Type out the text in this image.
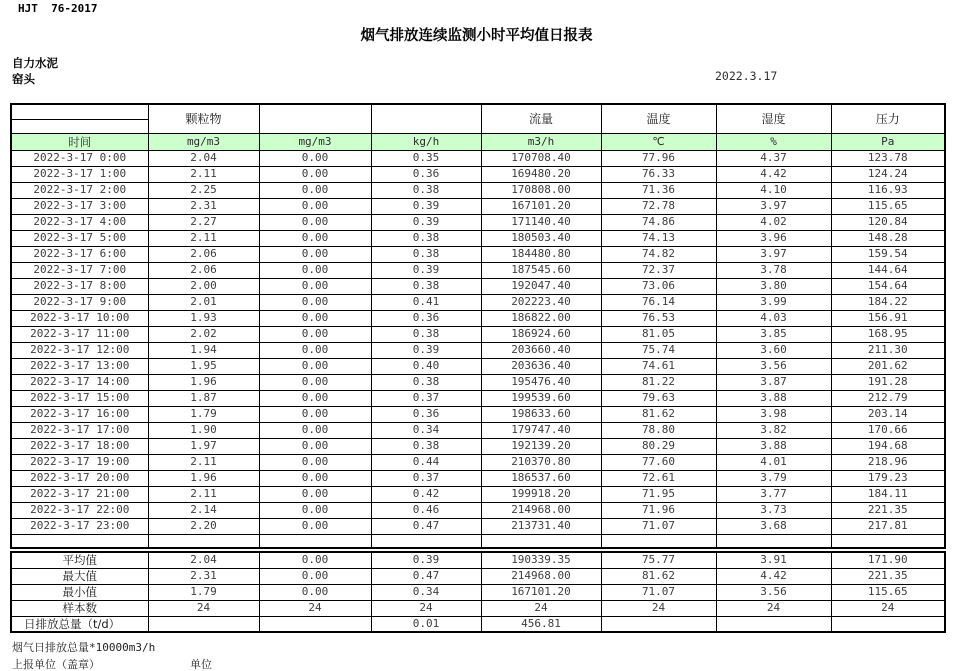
HJT  76-2017
烟气排放连续监测小时平均值日报表
自力水泥
窑头	2022.3.17
	颗粒物			流量	温度	湿度	压力

时间	mg/m3	mg/m3	kg/h	m3/h	℃	%	Pa
2022-3-17 0:00	2.04	0.00	0.35	170708.40	77.96	4.37	123.78
2022-3-17 1:00	2.11	0.00	0.36	169480.20	76.33	4.42	124.24
2022-3-17 2:00	2.25	0.00	0.38	170808.00	71.36	4.10	116.93
2022-3-17 3:00	2.31	0.00	0.39	167101.20	72.78	3.97	115.65
2022-3-17 4:00	2.27	0.00	0.39	171140.40	74.86	4.02	120.84
2022-3-17 5:00	2.11	0.00	0.38	180503.40	74.13	3.96	148.28
2022-3-17 6:00	2.06	0.00	0.38	184480.80	74.82	3.97	159.54
2022-3-17 7:00	2.06	0.00	0.39	187545.60	72.37	3.78	144.64
2022-3-17 8:00	2.00	0.00	0.38	192047.40	73.06	3.80	154.64
2022-3-17 9:00	2.01	0.00	0.41	202223.40	76.14	3.99	184.22
2022-3-17 10:00	1.93	0.00	0.36	186822.00	76.53	4.03	156.91
2022-3-17 11:00	2.02	0.00	0.38	186924.60	81.05	3.85	168.95
2022-3-17 12:00	1.94	0.00	0.39	203660.40	75.74	3.60	211.30
2022-3-17 13:00	1.95	0.00	0.40	203636.40	74.61	3.56	201.62
2022-3-17 14:00	1.96	0.00	0.38	195476.40	81.22	3.87	191.28
2022-3-17 15:00	1.87	0.00	0.37	199539.60	79.63	3.88	212.79
2022-3-17 16:00	1.79	0.00	0.36	198633.60	81.62	3.98	203.14
2022-3-17 17:00	1.90	0.00	0.34	179747.40	78.80	3.82	170.66
2022-3-17 18:00	1.97	0.00	0.38	192139.20	80.29	3.88	194.68
2022-3-17 19:00	2.11	0.00	0.44	210370.80	77.60	4.01	218.96
2022-3-17 20:00	1.96	0.00	0.37	186537.60	72.61	3.79	179.23
2022-3-17 21:00	2.11	0.00	0.42	199918.20	71.95	3.77	184.11
2022-3-17 22:00	2.14	0.00	0.46	214968.00	71.96	3.73	221.35
2022-3-17 23:00	2.20	0.00	0.47	213731.40	71.07	3.68	217.81

平均值	2.04	0.00	0.39	190339.35	75.77	3.91	171.90
最大值	2.31	0.00	0.47	214968.00	81.62	4.42	221.35
最小值	1.79	0.00	0.34	167101.20	71.07	3.56	115.65
样本数	24	24	24	24	24	24	24
日排放总量（t/d）			0.01	456.81			
烟气日排放总量*10000m3/h
上报单位（盖章）	单位
